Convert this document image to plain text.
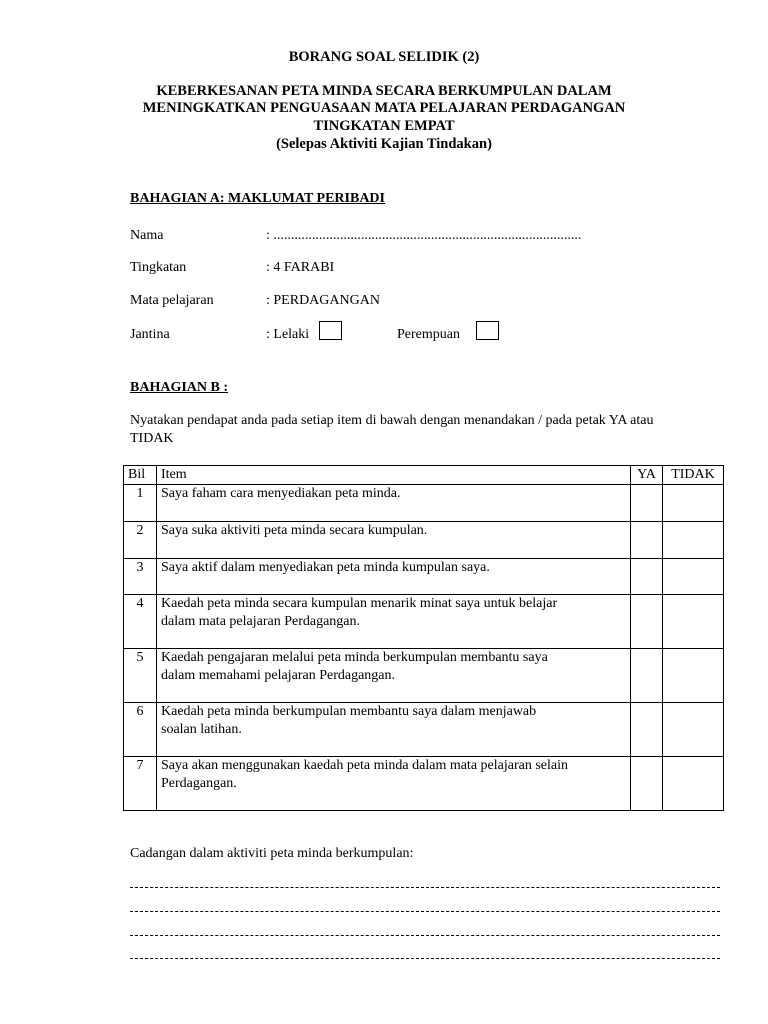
BORANG SOAL SELIDIK (2)
KEBERKESANAN PETA MINDA SECARA BERKUMPULAN DALAM
MENINGKATKAN PENGUASAAN MATA PELAJARAN PERDAGANGAN
TINGKATAN EMPAT
(Selepas Aktiviti Kajian Tindakan)
BAHAGIAN A: MAKLUMAT PERIBADI
Nama	: ........................................................................................
Tingkatan	: 4 FARABI
Mata pelajaran	: PERDAGANGAN
Jantina	: Lelaki	Perempuan
BAHAGIAN B :
Nyatakan pendapat anda pada setiap item di bawah dengan menandakan / pada petak YA atau
TIDAK
Bil	Item	YA	TIDAK
1	Saya faham cara menyediakan peta minda.		

2	Saya suka aktiviti peta minda secara kumpulan.		

3	Saya aktif dalam menyediakan peta minda kumpulan saya.		

4	Kaedah peta minda secara kumpulan menarik minat saya untuk belajar
dalam mata pelajaran Perdagangan.		

5	Kaedah pengajaran melalui peta minda berkumpulan membantu saya
dalam memahami pelajaran Perdagangan.		

6	Kaedah peta minda berkumpulan membantu saya dalam menjawab
soalan latihan.		

7	Saya akan menggunakan kaedah peta minda dalam mata pelajaran selain
Perdagangan.		

Cadangan dalam aktiviti peta minda berkumpulan:
